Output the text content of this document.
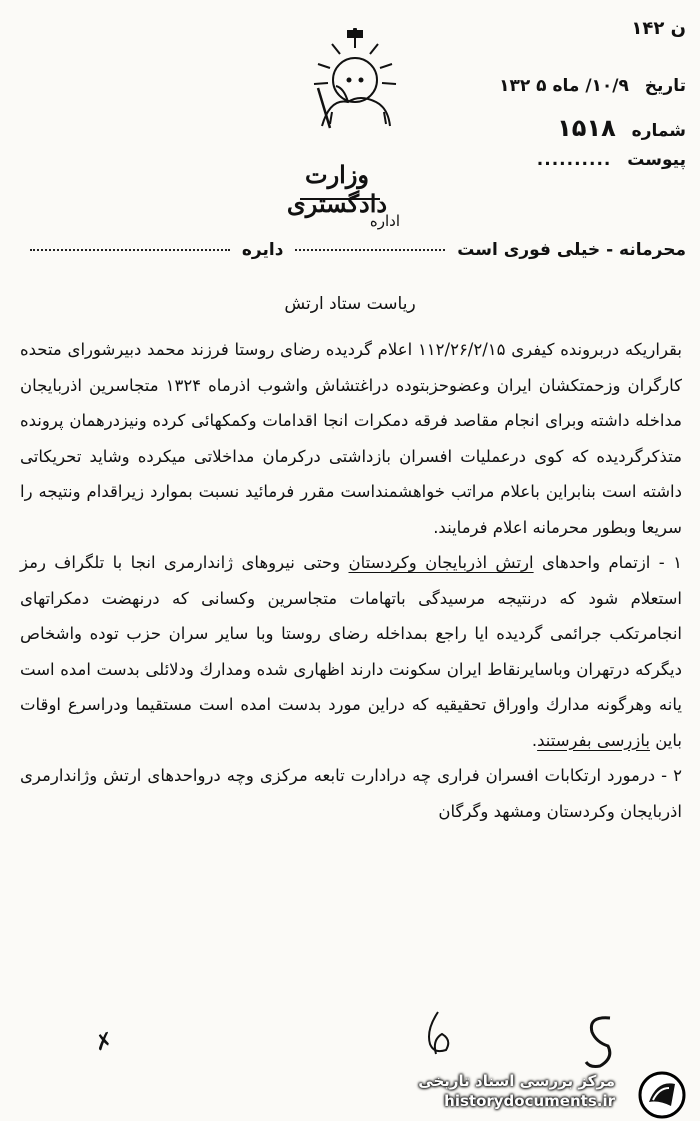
ن ۱۴۲
وزارت دادگستری
تاریخ ۱۰/۹/ ماه ۵ ۱۳۲
شماره ۱۵۱۸
پیوست ..........
اداره
محرمانه - خیلی فوری است  دایره
ریاست ستاد ارتش

بقراریکه دربرونده کیفری ۱۱۲/۲۶/۲/۱۵ اعلام گردیده رضای روستا فرزند محمد دبیرشورای متحده کارگران وزحمتکشان ایران وعضوحزبتوده دراغتشاش واشوب اذرماه ۱۳۲۴ متجاسرین اذربایجان مداخله داشته وبرای انجام مقاصد فرقه دمکرات انجا اقدامات وکمکهائی کرده ونیزدرهمان پرونده متذکرگردیده که کوی درعملیات افسران بازداشتی درکرمان مداخلاتی میکرده وشاید تحریکاتی داشته است بنابراین باعلام مراتب خواهشمنداست مقرر فرمائید نسبت بموارد زیراقدام ونتیجه را سریعا وبطور محرمانه اعلام فرمایند.

۱ - ازتمام واحدهای ارتش اذربایجان وکردستان وحتی نیروهای ژاندارمری انجا با تلگراف رمز استعلام شود که درنتیجه مرسیدگی باتهامات متجاسرین وکسانی که درنهضت دمکراتهای انجامرتکب جرائمی گردیده ایا راجع بمداخله رضای روستا وبا سایر سران حزب توده واشخاص دیگرکه درتهران وباسایرنقاط ایران سکونت دارند اظهاری شده ومدارك ودلائلی بدست امده است یانه وهرگونه مدارك واوراق تحقیقیه که دراین مورد بدست امده است مستقیما ودراسرع اوقات باین بازرسی بفرستند.

۲ - درمورد ارتکابات افسران فراری چه درادارت تابعه مرکزی وچه درواحدهای ارتش وژاندارمری اذربایجان وکردستان ومشهد وگرگان

✗
مرکز بررسی اسناد تاریخی
historydocuments.ir
